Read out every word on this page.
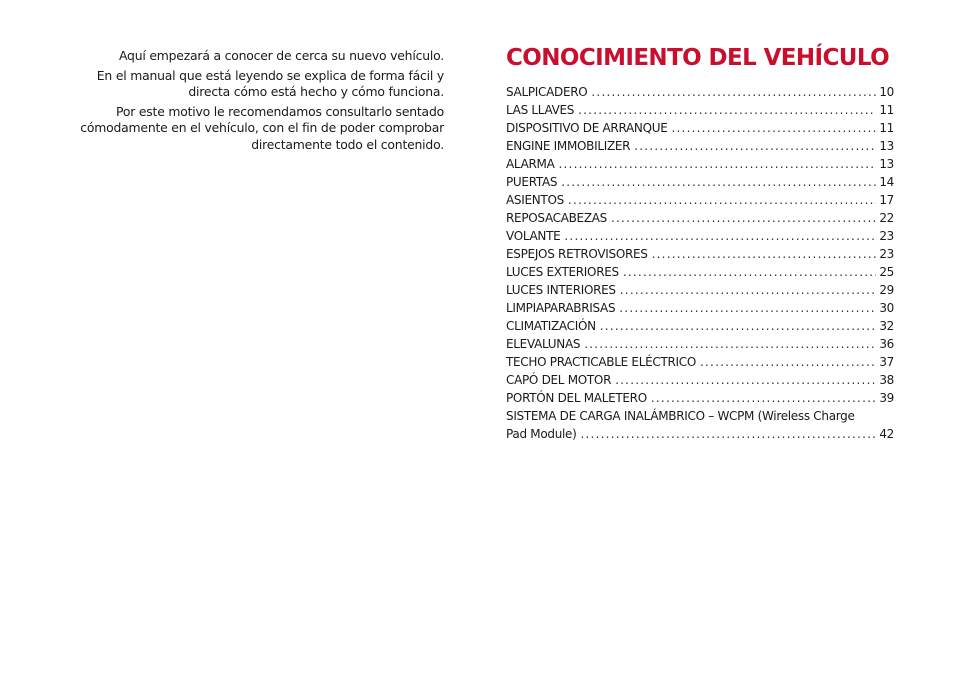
Aquí empezará a conocer de cerca su nuevo vehículo.

En el manual que está leyendo se explica de forma fácil y directa cómo está hecho y cómo funciona.

Por este motivo le recomendamos consultarlo sentado cómodamente en el vehículo, con el fin de poder comprobar directamente todo el contenido.

CONOCIMIENTO DEL VEHÍCULO
SALPICADERO . . .	10
LAS LLAVES . . .	11
DISPOSITIVO DE ARRANQUE . . .	11
ENGINE IMMOBILIZER . . .	13
ALARMA . . .	13
PUERTAS . . .	14
ASIENTOS . . .	17
REPOSACABEZAS . . .	22
VOLANTE . . .	23
ESPEJOS RETROVISORES . . .	23
LUCES EXTERIORES . . .	25
LUCES INTERIORES . . .	29
LIMPIAPARABRISAS . . .	30
CLIMATIZACIÓN . . .	32
ELEVALUNAS . . .	36
TECHO PRACTICABLE ELÉCTRICO . . .	37
CAPÓ DEL MOTOR . . .	38
PORTÓN DEL MALETERO . . .	39
SISTEMA DE CARGA INALÁMBRICO – WCPM (Wireless Charge
Pad Module) . . .	42
